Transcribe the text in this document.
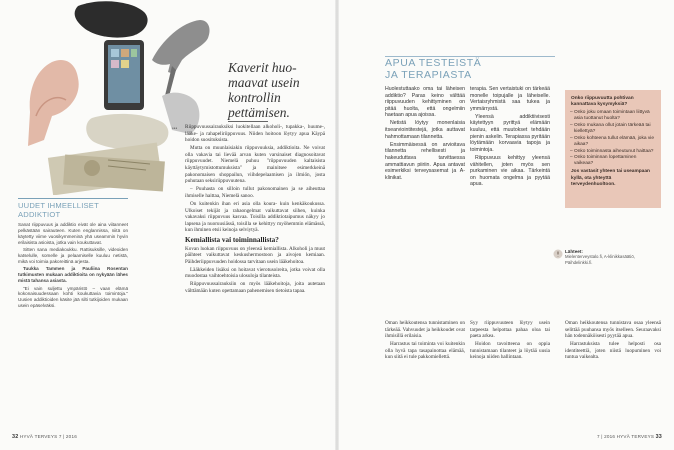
Kaverit huomaavat usein kontrollin pettämisen.
••• Riippuvuussairauksiksi luokitellaan alkoholi-, tupakka-, huume-, lääke- ja rahapeliriippuvuus. Niiden hoitoon löytyy apua Käypä hoidon suosituksista.

Mutta on muunlaisiakin riippuvuuksia, addiktioita. Ne voivat olla vakavia tai lievää arvan kuten varsinaiset diagnosoitavat riippuvuudet. Niemelä puhuu "riippuvuuden kaltaisista käyttäytymistottumuksista" ja mainitsee esimerkkeinä pakonomaisen shoppailun, viihdepelaamisen ja ilmiön, josta puhutaan seksiriippuvuutena.

– Puuhasta on silloin tullut pakonomainen ja se aiheuttaa ihmiselle haittaa, Niemelä sanoo.

On kuitenkin ihan eri asia olla koura- kuin kenkäkoukussa. Ulkoiset tekijät ja rahaongelmat vaikuttavat siihen, kuinka vakavaksi riippuvuus kasvaa. Toisilla addiktiotaipumus näkyy jo lapsena ja nuoruusiässä, toisilla se kehittyy myöhemmin elämässä, kun ihminen etsii keinoja selviytyä.

Kemiallista vai toiminnallista?

Kovan luokan riippuvuus on yleensä kemiallista. Alkoholi ja muut päihteet vaikuttavat keskushermostoon ja aivojen kemiaan. Päihderiippuvuuden hoidossa tarvitaan usein lääkehoitoa.

Lääkkeiden lisäksi on hoitavat vierotusoireita, jotka voivat olla muodostaa vaihtoehtoisia ulosuloja tilanteista.

Riippuvuussairauksiin on myös lääkehoitoja, joita autetaan välttämään kuten opettamaan pahenemisen tietoista tapaa.

UUDET IHMEELLISET ADDIKTIOT

Sanat riippuvuus ja addiktio eivät ole aina viitanneet pelkästään sairauteen. Kuten englannissa, niitä on käytetty viime vuosikymmeninä yhä useammin hyvin erilaisista asioista, jotka vain koukuttavat.

Sitten sana mediakoukku. Rattisuksille, videoiden katselulle, somelle ja pelaamiselle kuuluu netistä, mikä voi toimia pakoreittinä arjesta.

Tuukka Tammen ja Pauliina Rosentan tutkimusten mukaan addiktioita on nykyään lähes mistä tahansa asiasta.

"Ei vain suljettu ympäristö – vaan elämä kokonaisuudessaan kohti koukuttavia toimintoja." Uusien addiktioiden käsite jää silti tutkijoiden mukaan usein epäselväksi.

32 HYVÄ TERVEYS 7 | 2016
APUA TESTEISTÄ JA TERAPIASTA

Huolestuttaako oma tai läheisen addiktio? Paras keino välttää riippuvuuden kehittyminen on pitää huolta, että ongelmiin haetaan apua ajoissa.

Netistä löytyy monenlaisia itsearviointitestejä, jotka auttavat hahmottamaan tilannetta.

Ensimmäisessä on arvioitava tilannetta rehellisesti ja hakeuduttava tarvittaessa ammattiavun piiriin. Apua antavat esimerkiksi terveysasemat ja A-klinikat.

terapia. Sen vertaistuki on tärkeää monelle toipujalle ja läheiselle. Vertaisryhmistä saa tukea ja ymmärrystä.

Yleensä addiktiivisesti käytettyyn pyrittyä elämään kuuluu, että muutokset tehdään pienin askelin. Terapiassa pyritään löytämään korvaavia tapoja ja toimintoja.

Riippuvuus kehittyy yleensä vähitellen, joten myös sen purkaminen vie aikaa. Tärkeintä on huomata ongelma ja pyytää apua.

Onko riippuvuutta pohtivan kannattava kysymyksiä?

– Onko joku omaan toimintaan liittyvä asia tuottanut huolta?

– Onko mukana ollut jotain tärkeää tai kiellettyä?

– Onko kohteena tullut elämää, joka vie aikaa?

– Onko toiminnasta aiheutunut haittaa?

– Onko toiminnan lopettaminen vaikeaa?

Jos vastasit yhteen tai useampaan kyllä, ota yhteyttä terveydenhuoltoon.

Lähteet:
Mielenterveystalo.fi, A-klinikkasäätiö, Päihdelinkki.fi.

Oman heikkoutensa tunnistaminen on tärkeää. Vahvuudet ja heikkoudet ovat ihmisillä erilaisia.

Harrastus tai toiminta voi kuitenkin olla hyvä tapa tasapainottaa elämää, kun siitä ei tule pakkomiellettä.

Syy riippuvuuteen löytyy usein tarpeesta helpottaa pahaa oloa tai paeta arkea.

Hoidon tavoitteena on oppia tunnistamaan tilanteet ja löytää uusia keinoja niiden hallintaan.

Oman heikkoutensa tunnistava osaa yleensä selittää puuhansa myös itselleen. Seuraavaksi hän todennäköisesti pyytää apua.

Harrastuksista tulee helposti osa identiteettiä, joten niistä luopuminen voi tuntua vaikealta.

7 | 2016 HYVÄ TERVEYS 33
